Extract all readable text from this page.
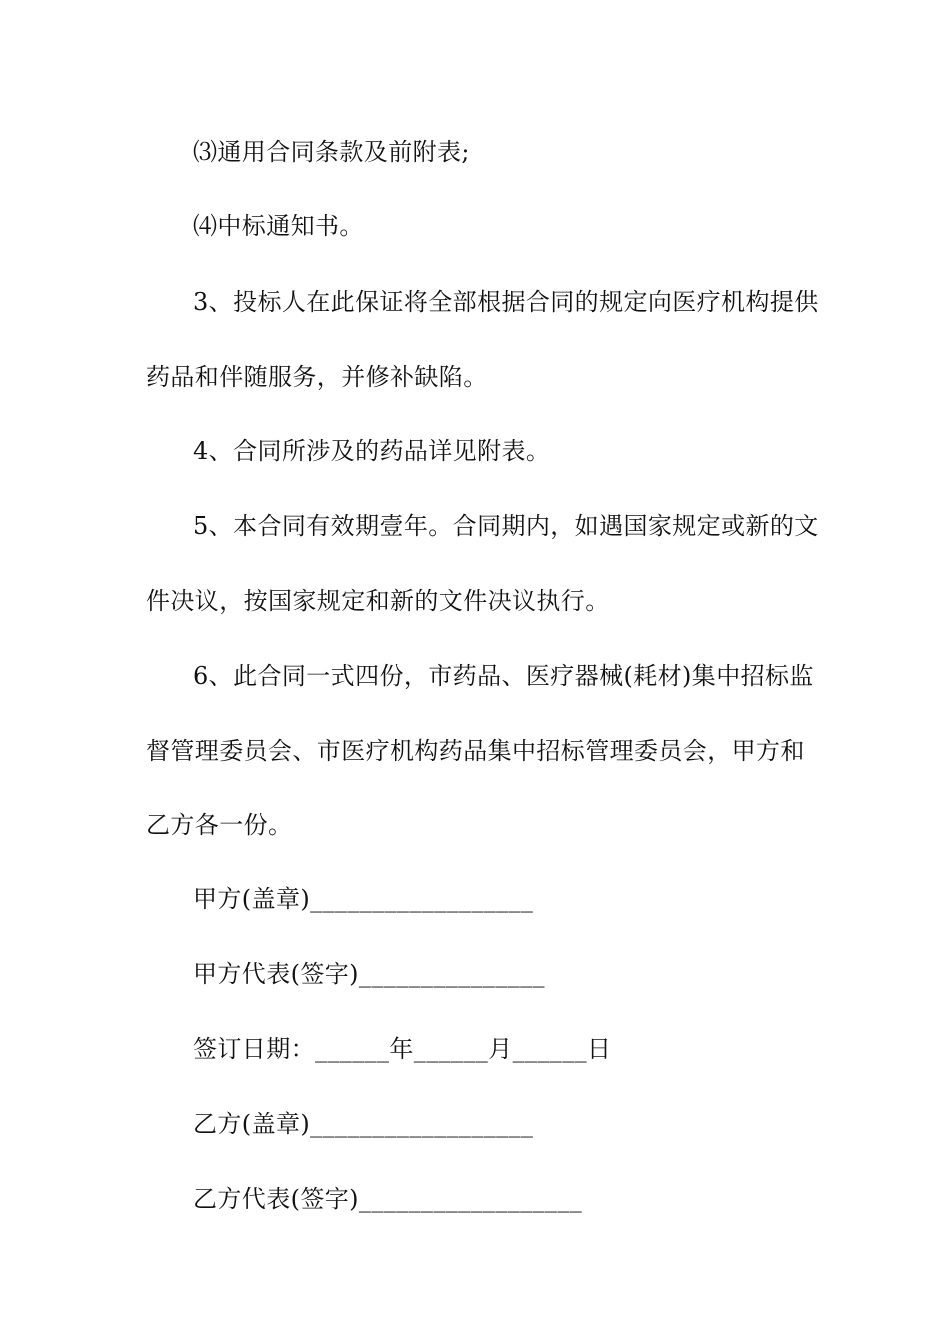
⑶通用合同条款及前附表;
⑷中标通知书。
3、投标人在此保证将全部根据合同的规定向医疗机构提供
药品和伴随服务，并修补缺陷。
4、合同所涉及的药品详见附表。
5、本合同有效期壹年。合同期内，如遇国家规定或新的文
件决议，按国家规定和新的文件决议执行。
6、此合同一式四份，市药品、医疗器械(耗材)集中招标监
督管理委员会、市医疗机构药品集中招标管理委员会，甲方和
乙方各一份。
甲方(盖章)__________________
甲方代表(签字)_______________
签订日期：______年______月______日
乙方(盖章)__________________
乙方代表(签字)__________________
